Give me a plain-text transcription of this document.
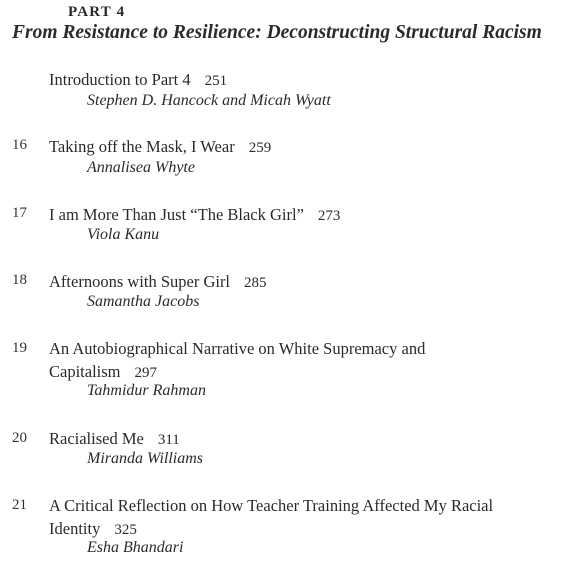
PART 4
From Resistance to Resilience: Deconstructing Structural Racism
Introduction to Part 4 251
Stephen D. Hancock and Micah Wyatt
16 Taking off the Mask, I Wear 259
Annalisea Whyte
17 I am More Than Just “The Black Girl” 273
Viola Kanu
18 Afternoons with Super Girl 285
Samantha Jacobs
19 An Autobiographical Narrative on White Supremacy and Capitalism 297
Tahmidur Rahman
20 Racialised Me 311
Miranda Williams
21 A Critical Reflection on How Teacher Training Affected My Racial Identity 325
Esha Bhandari
